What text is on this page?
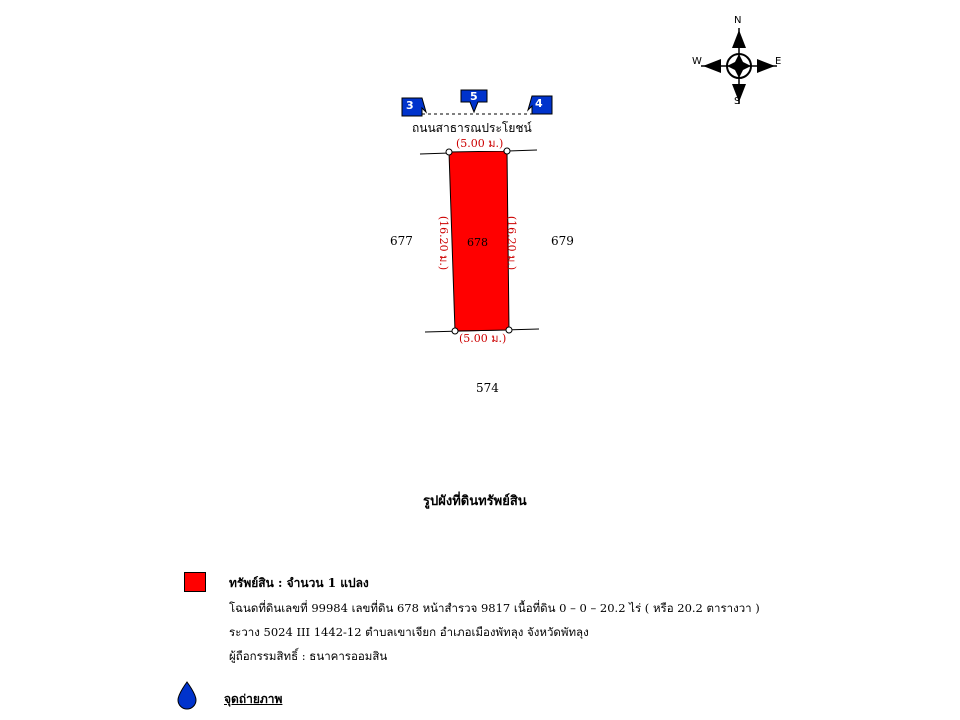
N
S
W	E
3
5
4
ถนนสาธารณประโยชน์
(5.00 ม.)
(5.00 ม.)
(16.20 ม.)	(16.20 ม.)
678
677	679
574
รูปผังที่ดินทรัพย์สิน
ทรัพย์สิน : จำนวน 1 แปลง
โฉนดที่ดินเลขที่ 99984 เลขที่ดิน 678 หน้าสำรวจ 9817 เนื้อที่ดิน 0 – 0 – 20.2 ไร่ ( หรือ 20.2 ตารางวา )
ระวาง 5024 III 1442-12 ตำบลเขาเจียก อำเภอเมืองพัทลุง จังหวัดพัทลุง
ผู้ถือกรรมสิทธิ์ : ธนาคารออมสิน
จุดถ่ายภาพ
